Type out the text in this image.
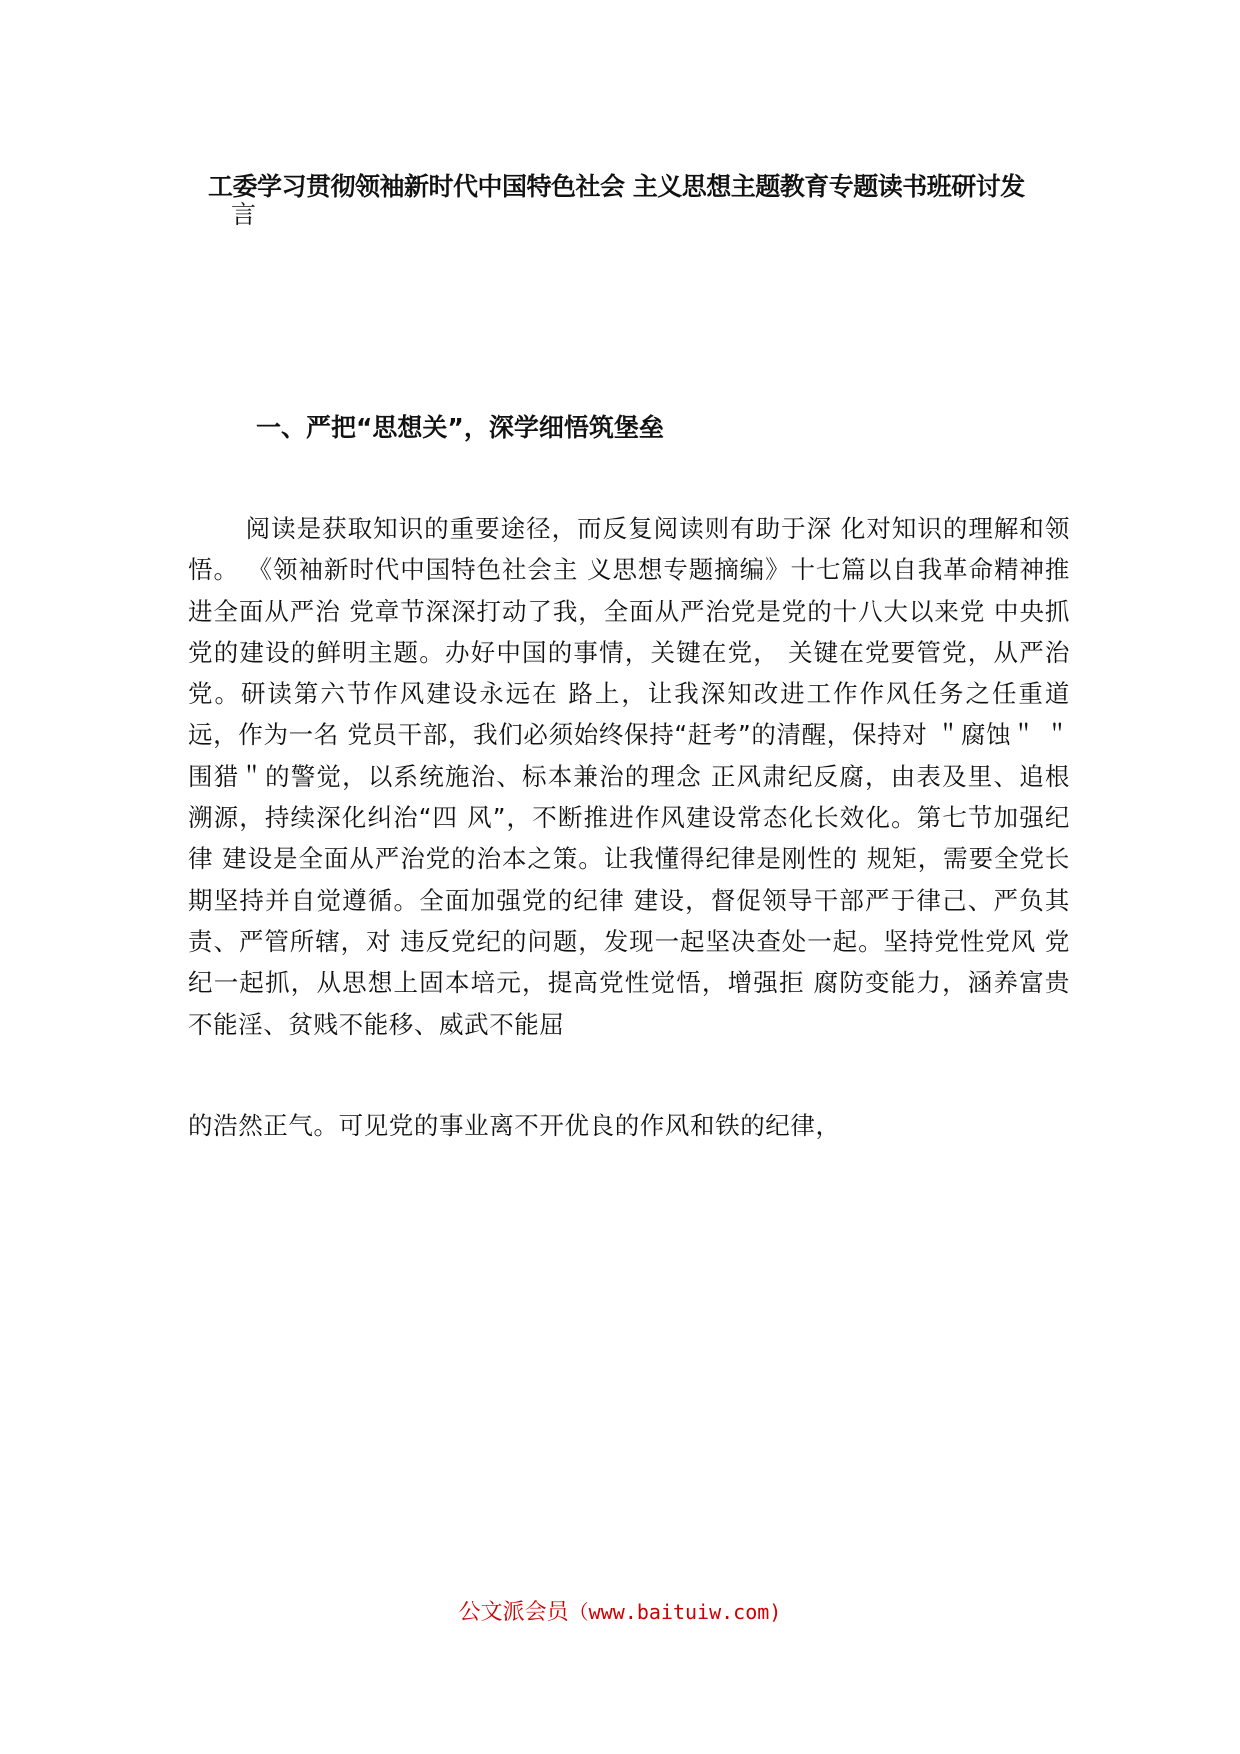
工委学习贯彻领袖新时代中国特色社会 主义思想主题教育专题读书班研讨发
言
一、严把“思想关”，深学细悟筑堡垒

阅读是获取知识的重要途径，而反复阅读则有助于深 化对知识的理解和领悟。 《领袖新时代中国特色社会主 义思想专题摘编》十七篇以自我革命精神推进全面从严治 党章节深深打动了我，全面从严治党是党的十八大以来党 中央抓党的建设的鲜明主题。办好中国的事情，关键在党， 关键在党要管党，从严治党。研读第六节作风建设永远在 路上，让我深知改进工作作风任务之任重道远，作为一名 党员干部，我们必须始终保持“赶考”的清醒，保持对 ＂腐蚀＂ ＂围猎＂的警觉，以系统施治、标本兼治的理念 正风肃纪反腐，由表及里、追根溯源，持续深化纠治“四 风”，不断推进作风建设常态化长效化。第七节加强纪律 建设是全面从严治党的治本之策。让我懂得纪律是刚性的 规矩，需要全党长期坚持并自觉遵循。全面加强党的纪律 建设，督促领导干部严于律己、严负其责、严管所辖，对 违反党纪的问题，发现一起坚决查处一起。坚持党性党风 党纪一起抓，从思想上固本培元，提高党性觉悟，增强拒 腐防变能力，涵养富贵不能淫、贫贱不能移、威武不能屈

的浩然正气。可见党的事业离不开优良的作风和铁的纪律，

公文派会员（www.baituiw.com)
